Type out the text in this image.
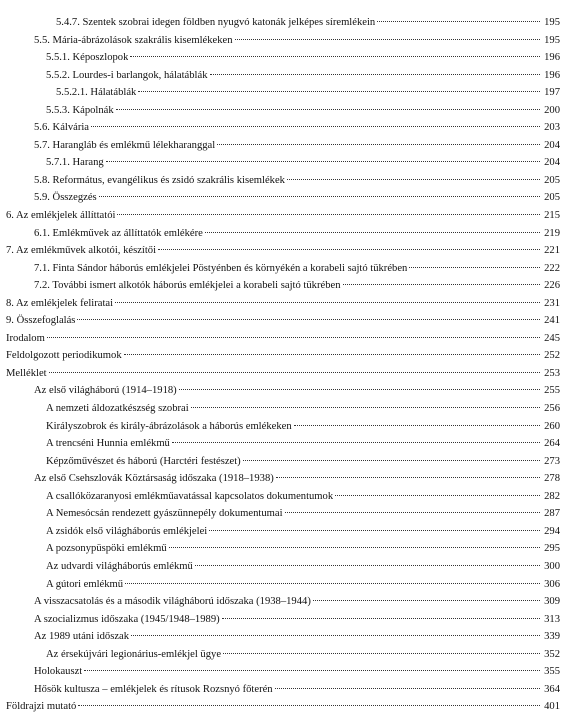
5.4.7. Szentek szobrai idegen földben nyugvó katonák jelképes síremlékein	195
5.5. Mária-ábrázolások szakrális kisemlékeken	195
5.5.1. Képoszlopok	196
5.5.2. Lourdes-i barlangok, hálatáblák	196
5.5.2.1. Hálatáblák	197
5.5.3. Kápolnák	200
5.6. Kálvária	203
5.7. Harangláb és emlékmű lélekharanggal	204
5.7.1. Harang	204
5.8. Református, evangélikus és zsidó szakrális kisemlékek	205
5.9. Összegzés	205
6. Az emlékjelek állíttatói	215
6.1. Emlékművek az állíttatók emlékére	219
7. Az emlékművek alkotói, készítői	221
7.1. Finta Sándor háborús emlékjelei Pöstyénben és környékén a korabeli sajtó tükrében	222
7.2. További ismert alkotók háborús emlékjelei a korabeli sajtó tükrében	226
8. Az emlékjelek feliratai	231
9. Összefoglalás	241
Irodalom	245
Feldolgozott periodikumok	252
Melléklet	253
Az első világháború (1914–1918)	255
A nemzeti áldozatkészség szobrai	256
Királyszobrok és király-ábrázolások a háborús emlékeken	260
A trencséni Hunnia emlékmű	264
Képzőművészet és háború (Harctéri festészet)	273
Az első Csehszlovák Köztársaság időszaka (1918–1938)	278
A csallóközaranyosi emlékműavatással kapcsolatos dokumentumok	282
A Nemesócsán rendezett gyászünnepély dokumentumai	287
A zsidók első világháborús emlékjelei	294
A pozsonypüspöki emlékmű	295
Az udvardi világháborús emlékmű	300
A gútori emlékmű	306
A visszacsatolás és a második világháború időszaka (1938–1944)	309
A szocializmus időszaka (1945/1948–1989)	313
Az 1989 utáni időszak	339
Az érsekújvári legionárius-emlékjel ügye	352
Holokauszt	355
Hősök kultusza – emlékjelek és rítusok Rozsnyó főterén	364
Földrajzi mutató	401
